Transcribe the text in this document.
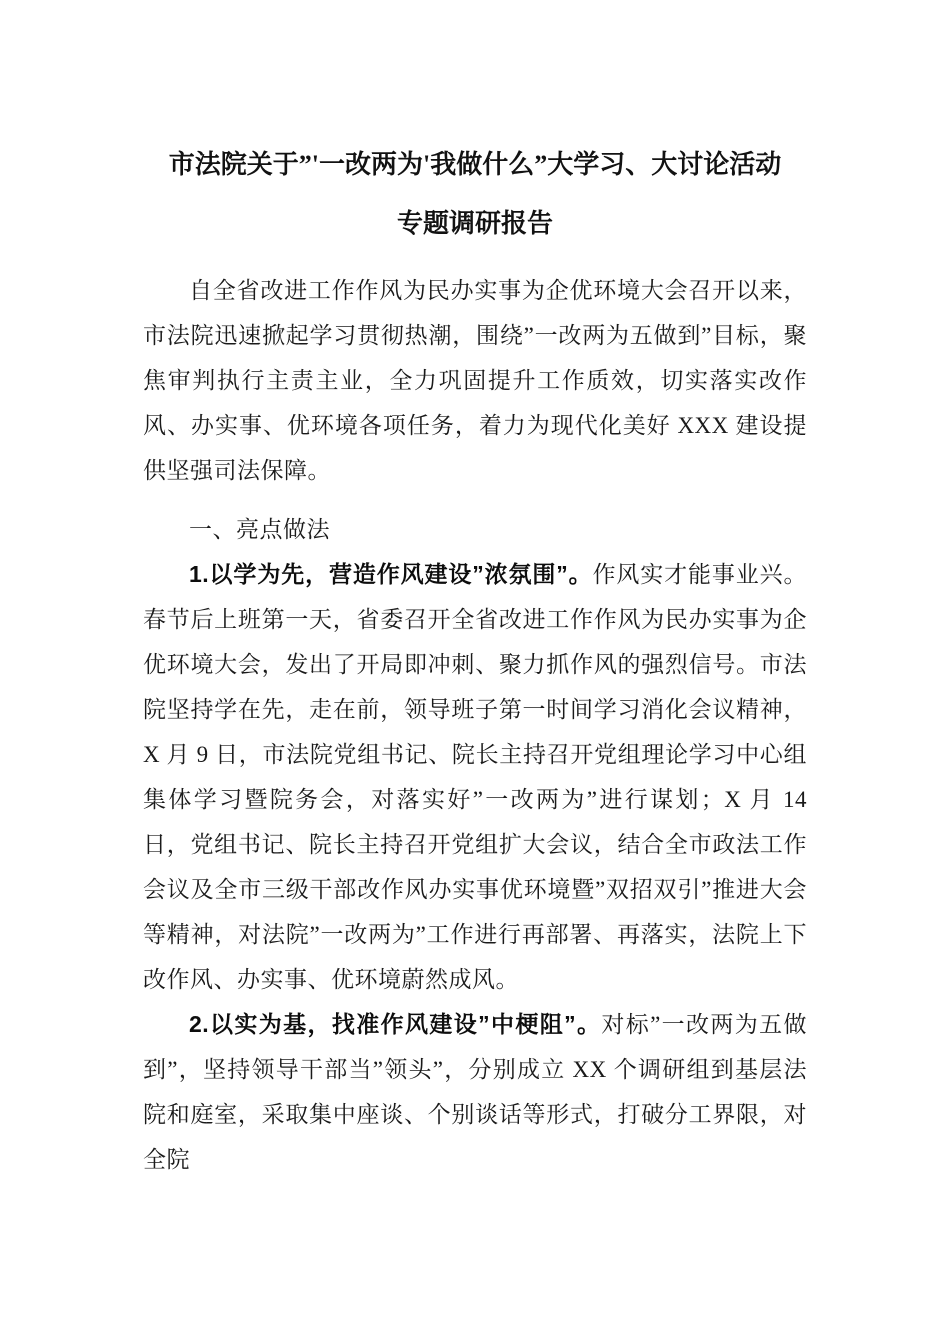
市法院关于”'一改两为'我做什么”大学习、大讨论活动
专题调研报告

自全省改进工作作风为民办实事为企优环境大会召开以来，市法院迅速掀起学习贯彻热潮，围绕”一改两为五做到”目标，聚焦审判执行主责主业，全力巩固提升工作质效，切实落实改作风、办实事、优环境各项任务，着力为现代化美好 XXX 建设提供坚强司法保障。

一、亮点做法

1.以学为先，营造作风建设”浓氛围”。作风实才能事业兴。春节后上班第一天，省委召开全省改进工作作风为民办实事为企优环境大会，发出了开局即冲刺、聚力抓作风的强烈信号。市法院坚持学在先，走在前，领导班子第一时间学习消化会议精神，X 月 9 日，市法院党组书记、院长主持召开党组理论学习中心组集体学习暨院务会，对落实好”一改两为”进行谋划；X 月 14 日，党组书记、院长主持召开党组扩大会议，结合全市政法工作会议及全市三级干部改作风办实事优环境暨”双招双引”推进大会等精神，对法院”一改两为”工作进行再部署、再落实，法院上下改作风、办实事、优环境蔚然成风。

2.以实为基，找准作风建设”中梗阻”。对标”一改两为五做到”，坚持领导干部当”领头”，分别成立 XX 个调研组到基层法院和庭室，采取集中座谈、个别谈话等形式，打破分工界限，对全院
